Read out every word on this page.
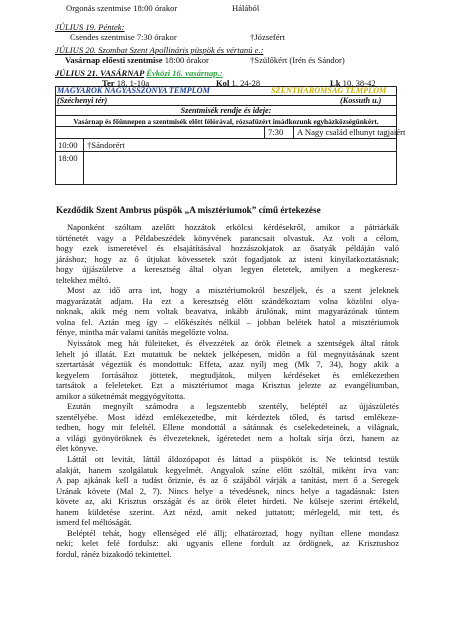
Orgonás szentmise 18:00 órakor	Hálából
JÚLIUS 19. Péntek:
Csendes szentmise 7:30 órakor	†Józsefért
JÚLIUS 20. Szombat Szent Apollináris püspök és vértanú e.:
Vasárnap előesti szentmise 18:00 órakor	†Szülőkért (Irén és Sándor)
JÚLIUS 21. VASÁRNAP Évközi 16. vasárnap.:
Ter 18, 1-10a	Kol 1, 24-28	Lk 10, 38-42
MAGYAROK NAGYASSZONYA TEMPLOM	SZENTHÁROMSÁG TEMPLOM
(Széchenyi tér)	(Kossuth u.)
Szentmisék rendje és ideje:
Vasárnap és főünnepen a szentmisék előtt félórával, rózsafüzért imádkozunk egyházközségünkért.
7:30 A Nagy család elhunyt tagjaiért
10:00 †Sándorért
18:00
Kezdődik Szent Ambrus püspök „A misztériumok” című értekezése
Naponként szóltam azelőtt hozzátok erkölcsi kérdésekről, amikor a pátriárkák
történetét vagy a Példabeszédek könyvének parancsait olvastuk. Az volt a célom,
hogy ezek ismeretével és elsajátításával hozzászokjatok az ősatyák példáján való
járáshoz; hogy az ő útjukat kövessetek szót fogadjatok az isteni kinyilatkoztatásnak;
hogy újjászületve a keresztség által olyan legyen életetek, amilyen a megkeresz-
teltekhez méltó.
Most az idő arra int, hogy a misztériumokról beszéljek, és a szent jeleknek
magyarázatát adjam. Ha ezt a keresztség előtt szándékoztam volna közölni olya-
noknak, akik még nem voltak beavatva, inkább árulónak, mint magyarázónak tűntem
volna fel. Aztán meg így – előkészítés nélkül – jobban belétek hatol a misztériumok
fénye, mintha már valami tanítás megelőzte volna.
Nyissátok meg hát füleiteket, és élvezzétek az örök életnek a szentségek által rátok
lehelt jó illatát. Ezt mutattuk be nektek jelképesen, midőn a fül megnyitásának szent
szertartását végeztük és mondottuk: Effeta, azaz nyílj meg (Mk 7, 34), hogy akik a
kegyelem forrásához jöttetek, megtudjátok, milyen kérdéseket és emlékezetben
tartsátok a feleleteket. Ezt a misztériumot maga Krisztus jelezte az evangéliumban,
amikor a süketnémát meggyógyította.
Ezután megnyílt számodra a legszentebb szentély, beléptél az újjászületés
szentélyébe. Most idézd emlékezetedbe, mit kérdeztek tőled, és tartsd emlékeze-
tedben, hogy mit feleltél. Ellene mondottál a sátánnak és cselekedeteinek, a világnak,
a világi gyönyöröknek és élvezeteknek, ígéretedet nem a holtak sírja őrzi, hanem az
élet könyve.
Láttál ott levitát, láttál áldozópapot és láttad a püspököt is. Ne tekintsd testük
alakját, hanem szolgálatuk kegyelmét. Angyalok színe előtt szóltál, miként írva van:
A pap ajkának kell a tudást őriznie, és az ő szájából várják a tanítást, mert ő a Seregek
Urának követe (Mal 2, 7). Nincs helye a tévedésnek, nincs helye a tagadásnak: Isten
követe az, aki Krisztus országát és az örök életet hirdeti. Ne külseje szerint értékeld,
hanem küldetése szerint. Azt nézd, amit neked juttatott; mérlegeld, mit tett, és
ismerd fel méltóságát.
Beléptél tehát, hogy ellenséged elé állj; elhatároztad, hogy nyíltan ellene mondasz
neki; kelet felé fordulsz: aki ugyanis ellene fordult az ördögnek, az Krisztushoz
fordul, ránéz bizakodó tekintettel.
